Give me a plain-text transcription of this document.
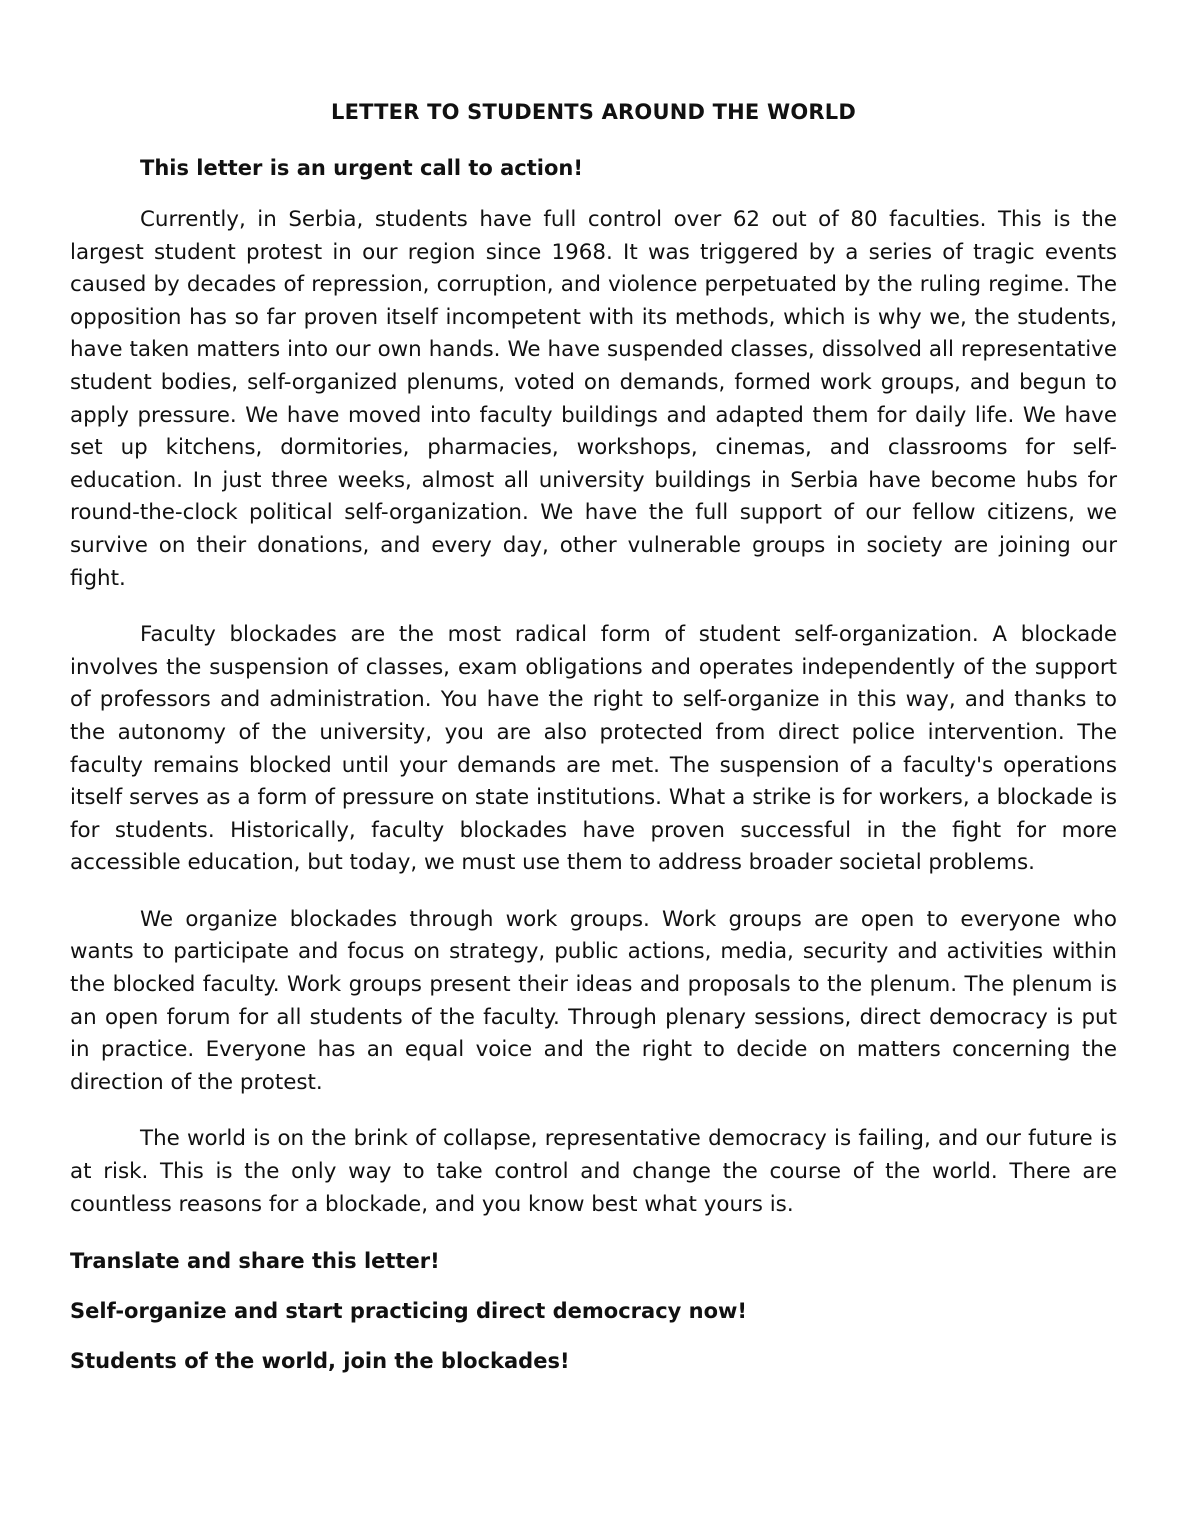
LETTER TO STUDENTS AROUND THE WORLD
This letter is an urgent call to action!

Currently, in Serbia, students have full control over 62 out of 80 faculties. This is the largest student protest in our region since 1968. It was triggered by a series of tragic events caused by decades of repression, corruption, and violence perpetuated by the ruling regime. The opposition has so far proven itself incompetent with its methods, which is why we, the students, have taken matters into our own hands. We have suspended classes, dissolved all representative student bodies, self-organized plenums, voted on demands, formed work groups, and begun to apply pressure. We have moved into faculty buildings and adapted them for daily life. We have set up kitchens, dormitories, pharmacies, workshops, cinemas, and classrooms for self-education. In just three weeks, almost all university buildings in Serbia have become hubs for round-the-clock political self-organization. We have the full support of our fellow citizens, we survive on their donations, and every day, other vulnerable groups in society are joining our fight.

Faculty blockades are the most radical form of student self-organization. A blockade involves the suspension of classes, exam obligations and operates independently of the support of professors and administration. You have the right to self-organize in this way, and thanks to the autonomy of the university, you are also protected from direct police intervention. The faculty remains blocked until your demands are met. The suspension of a faculty's operations itself serves as a form of pressure on state institutions. What a strike is for workers, a blockade is for students. Historically, faculty blockades have proven successful in the fight for more accessible education, but today, we must use them to address broader societal problems.

We organize blockades through work groups. Work groups are open to everyone who wants to participate and focus on strategy, public actions, media, security and activities within the blocked faculty. Work groups present their ideas and proposals to the plenum. The plenum is an open forum for all students of the faculty. Through plenary sessions, direct democracy is put in practice. Everyone has an equal voice and the right to decide on matters concerning the direction of the protest.

The world is on the brink of collapse, representative democracy is failing, and our future is at risk. This is the only way to take control and change the course of the world. There are countless reasons for a blockade, and you know best what yours is.

Translate and share this letter!
Self-organize and start practicing direct democracy now!
Students of the world, join the blockades!
